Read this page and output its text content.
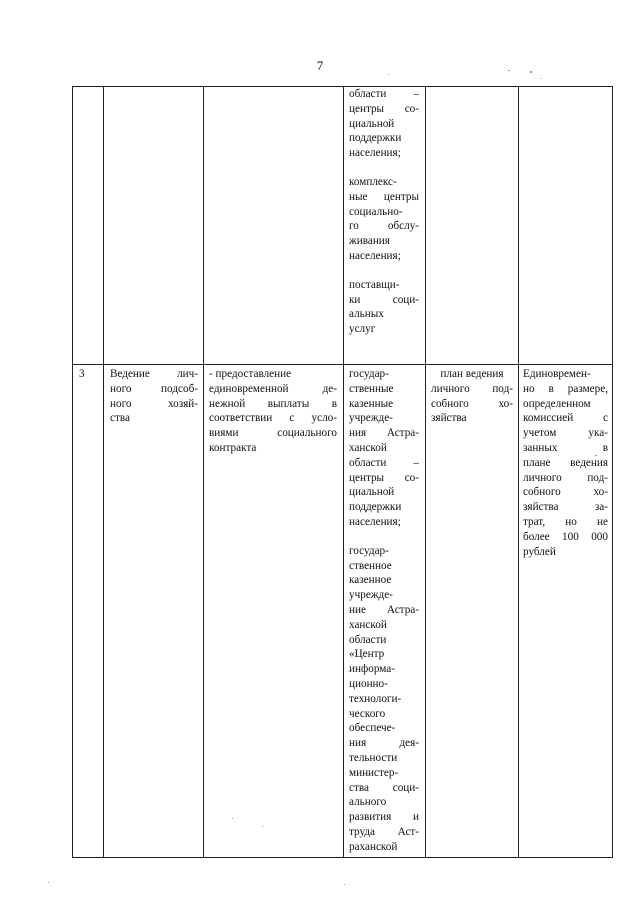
7

области –

центры со-

циальной

поддержки

населения;

комплекс-

ные центры

социально-

го обслу-

живания

населения;

поставщи-

ки соци-

альных

услуг

3	Ведение лич-

ного подсоб-

ного хозяй-

ства

- предоставление

единовременной де-

нежной выплаты в

соответствии с усло-

виями социального

контракта

государ-

ственные

казенные

учрежде-

ния Астра-

ханской

области –

центры со-

циальной

поддержки

населения;

государ-

ственное

казенное

учрежде-

ние Астра-

ханской

области

«Центр

информа-

ционно-

технологи-

ческого

обеспече-

ния дея-

тельности

министер-

ства соци-

ального

развития и

труда Аст-

раханской

план ведения

личного под-

собного хо-

зяйства

Единовремен-

но в размере,

определенном

комиссией с

учетом ука-

занных в

плане ведения

личного под-

собного хо-

зяйства за-

трат, но не

более 100 000

рублей
